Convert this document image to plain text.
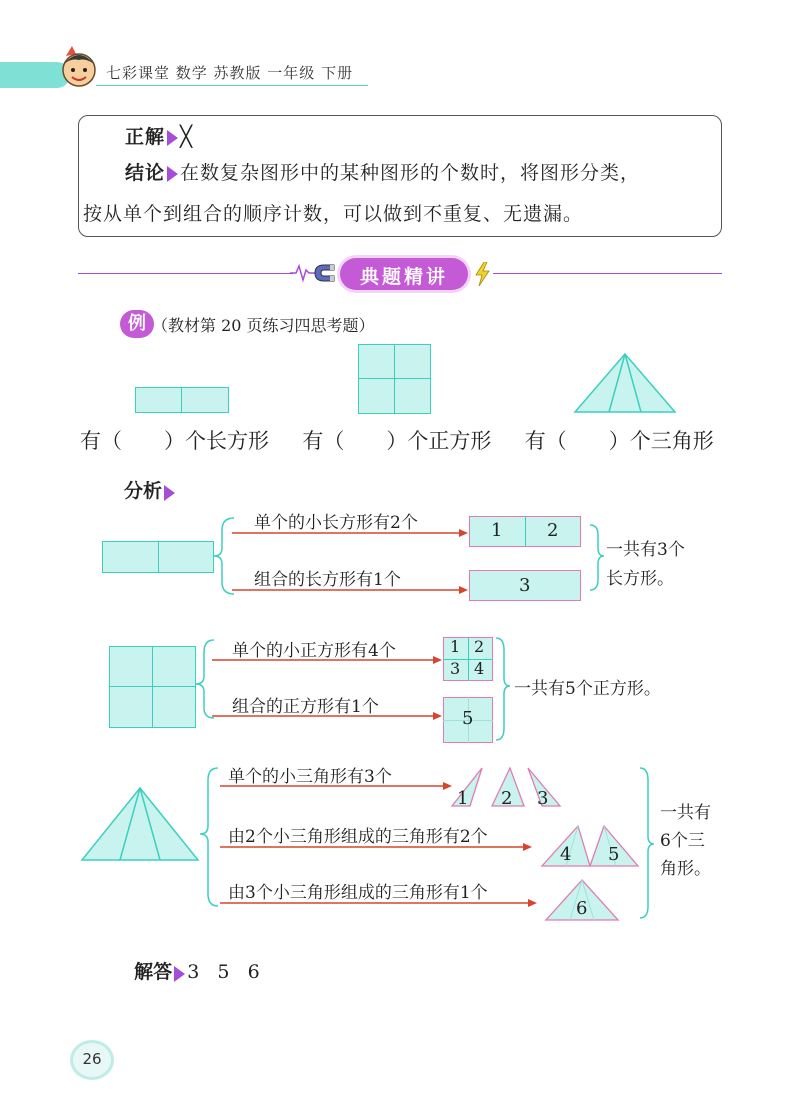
七彩课堂 数学 苏教版 一年级 下册
正解 ╳
结论 在数复杂图形中的某种图形的个数时，将图形分类，
按从单个到组合的顺序计数，可以做到不重复、无遗漏。
典题精讲
例 （教材第 20 页练习四思考题）
有（ ）个长方形 有（ ）个正方形 有（ ）个三角形
分析
单个的小长方形有2个
组合的长方形有1个
1 2
3
一共有3个
长方形。
单个的小正方形有4个
组合的正方形有1个
1 2
3 4
5
一共有5个正方形。
单个的小三角形有3个
由2个小三角形组成的三角形有2个
由3个小三角形组成的三角形有1个
1 2 3
4 5
6
一共有
6个三
角形。

解答 3   5   6

26
